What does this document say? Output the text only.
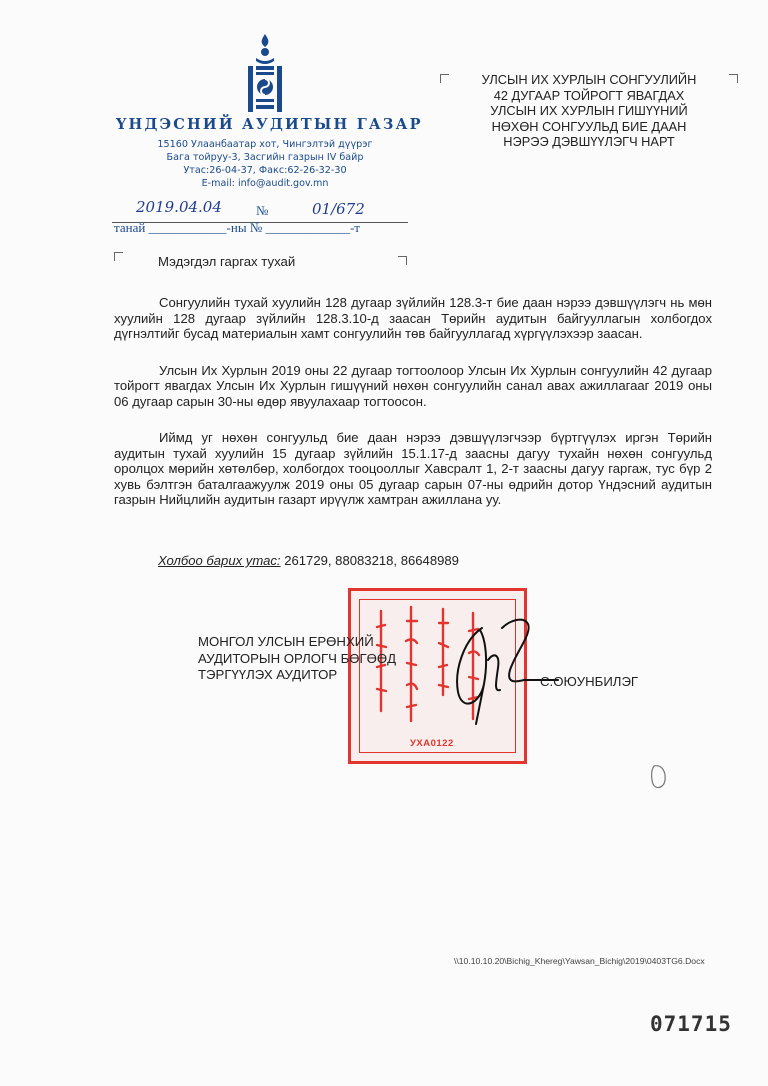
ҮНДЭСНИЙ АУДИТЫН ГАЗАР
15160 Улаанбаатар хот, Чингэлтэй дүүрэг
Бага тойруу-3, Засгийн газрын IV байр
Утас:26-04-37, Факс:62-26-32-30
E-mail: info@audit.gov.mn
УЛСЫН ИХ ХУРЛЫН СОНГУУЛИЙН
42 ДУГААР ТОЙРОГТ ЯВАГДАХ
УЛСЫН ИХ ХУРЛЫН ГИШҮҮНИЙ
НӨХӨН СОНГУУЛЬД БИЕ ДААН
НЭРЭЭ ДЭВШҮҮЛЭГЧ НАРТ
2019.04.04	№	01/672
танай ____________-ны № _____________-т
Мэдэгдэл гаргах тухай

Сонгуулийн тухай хуулийн 128 дугаар зүйлийн 128.3-т бие даан нэрээ дэвшүүлэгч нь мөн хуулийн 128 дугаар зүйлийн 128.3.10-д заасан Төрийн аудитын байгууллагын холбогдох дүгнэлтийг бусад материалын хамт сонгуулийн төв байгууллагад хүргүүлэхээр заасан.

Улсын Их Хурлын 2019 оны 22 дугаар тогтоолоор Улсын Их Хурлын сонгуулийн 42 дугаар тойрогт явагдах Улсын Их Хурлын гишүүний нөхөн сонгуулийн санал авах ажиллагааг 2019 оны 06 дугаар сарын 30-ны өдөр явуулахаар тогтоосон.

Иймд уг нөхөн сонгуульд бие даан нэрээ дэвшүүлэгчээр бүртгүүлэх иргэн Төрийн аудитын тухай хуулийн 15 дугаар зүйлийн 15.1.17-д заасны дагуу тухайн нөхөн сонгуульд оролцох мөрийн хөтөлбөр, холбогдох тооцооллыг Хавсралт 1, 2-т заасны дагуу гаргаж, тус бүр 2 хувь бэлтгэн баталгаажуулж 2019 оны 05 дугаар сарын 07-ны өдрийн дотор Үндэсний аудитын газрын Нийцлийн аудитын газарт ирүүлж хамтран ажиллана уу.

Холбоо барих утас: 261729, 88083218, 86648989
УХА0122
МОНГОЛ УЛСЫН ЕРӨНХИЙ
АУДИТОРЫН ОРЛОГЧ БӨГӨӨД
ТЭРГҮҮЛЭХ АУДИТОР	С.ОЮУНБИЛЭГ
\\10.10.10.20\Bichig_Khereg\Yawsan_Bichig\2019\0403TG6.Docx
071715
